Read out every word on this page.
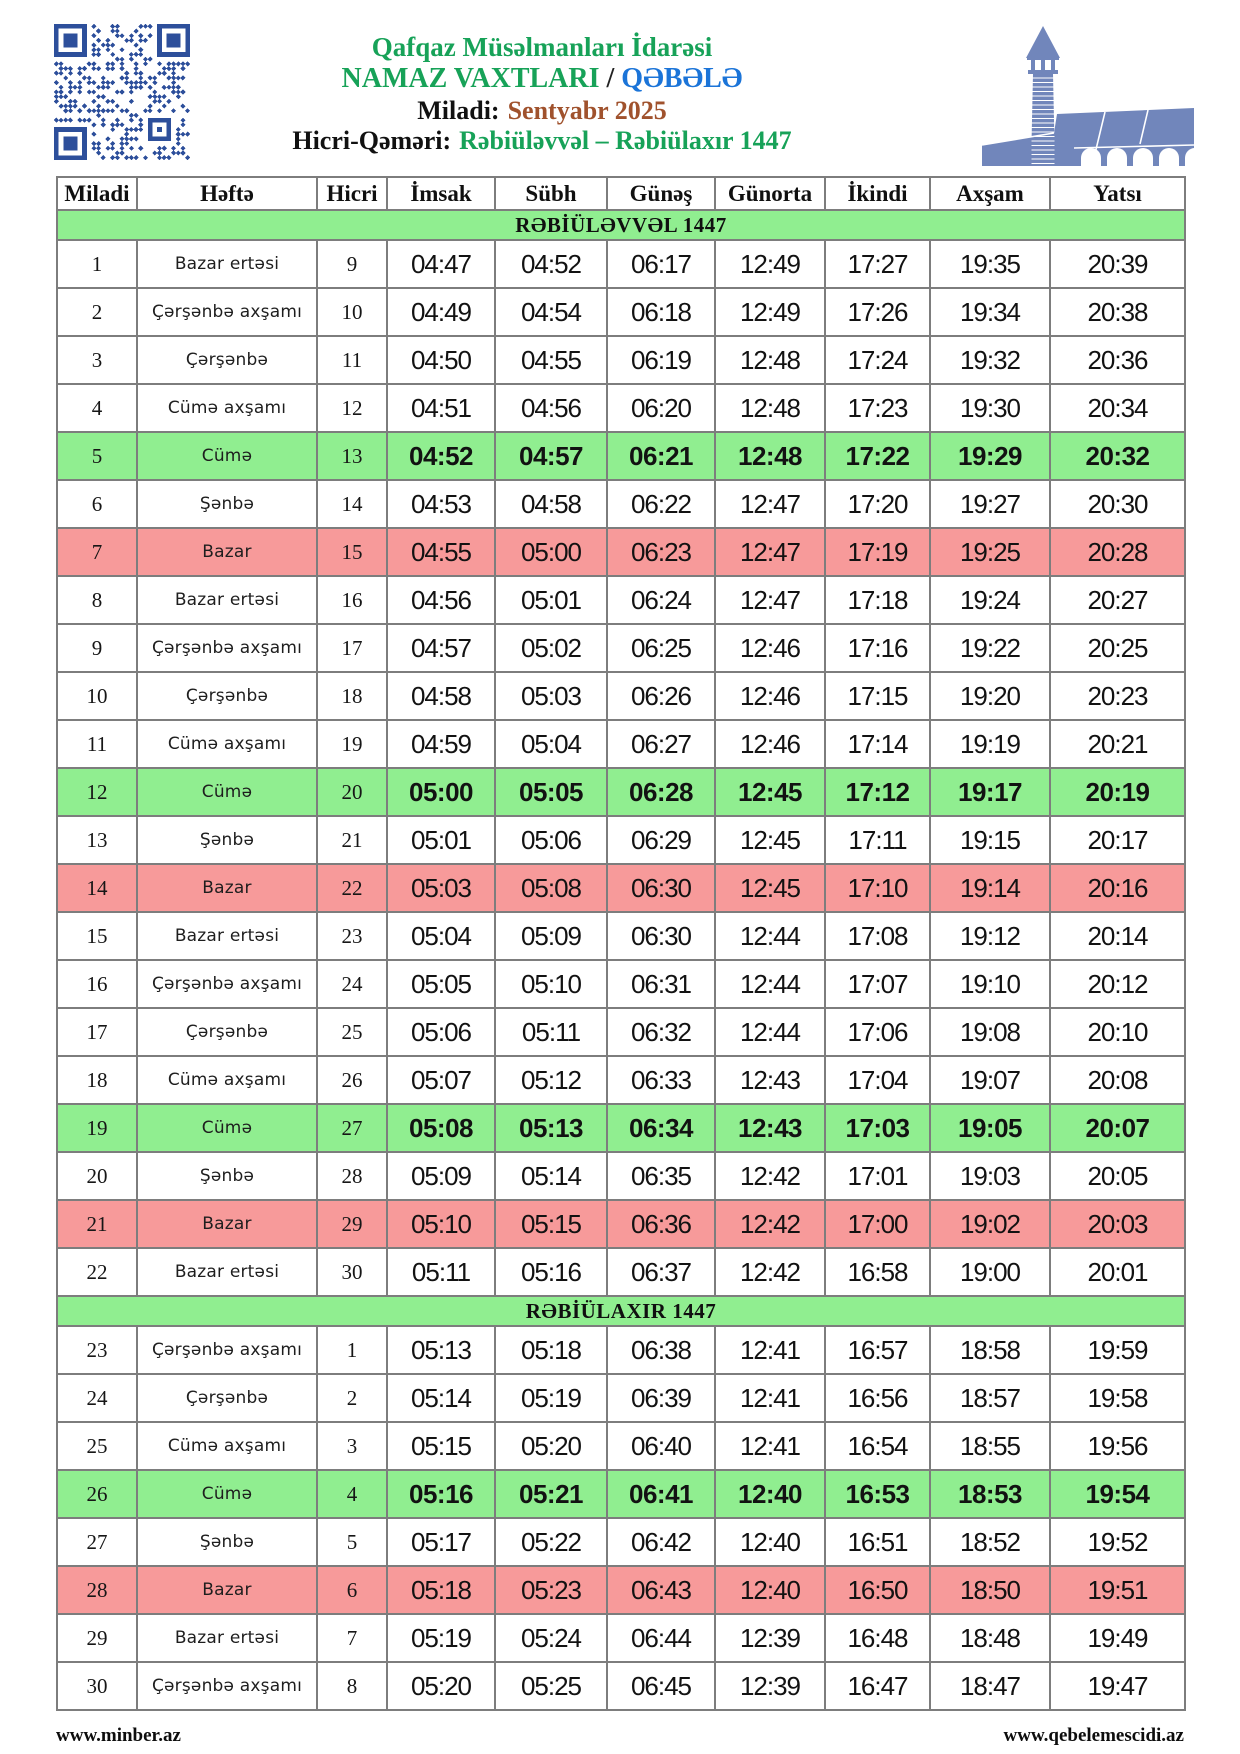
Qafqaz Müsəlmanları İdarəsi
NAMAZ VAXTLARI / QƏBƏLƏ
Miladi: Sentyabr 2025
Hicri-Qəməri: Rəbiüləvvəl – Rəbiülaxır 1447
Miladi	Həftə	Hicri	İmsak	Sübh	Günəş	Günorta	İkindi	Axşam	Yatsı
RƏBİÜLƏVVƏL 1447									
1	Bazar ertəsi	9	04:47	04:52	06:17	12:49	17:27	19:35	20:39
2	Çərşənbə axşamı	10	04:49	04:54	06:18	12:49	17:26	19:34	20:38
3	Çərşənbə	11	04:50	04:55	06:19	12:48	17:24	19:32	20:36
4	Cümə axşamı	12	04:51	04:56	06:20	12:48	17:23	19:30	20:34
5	Cümə	13	04:52	04:57	06:21	12:48	17:22	19:29	20:32
6	Şənbə	14	04:53	04:58	06:22	12:47	17:20	19:27	20:30
7	Bazar	15	04:55	05:00	06:23	12:47	17:19	19:25	20:28
8	Bazar ertəsi	16	04:56	05:01	06:24	12:47	17:18	19:24	20:27
9	Çərşənbə axşamı	17	04:57	05:02	06:25	12:46	17:16	19:22	20:25
10	Çərşənbə	18	04:58	05:03	06:26	12:46	17:15	19:20	20:23
11	Cümə axşamı	19	04:59	05:04	06:27	12:46	17:14	19:19	20:21
12	Cümə	20	05:00	05:05	06:28	12:45	17:12	19:17	20:19
13	Şənbə	21	05:01	05:06	06:29	12:45	17:11	19:15	20:17
14	Bazar	22	05:03	05:08	06:30	12:45	17:10	19:14	20:16
15	Bazar ertəsi	23	05:04	05:09	06:30	12:44	17:08	19:12	20:14
16	Çərşənbə axşamı	24	05:05	05:10	06:31	12:44	17:07	19:10	20:12
17	Çərşənbə	25	05:06	05:11	06:32	12:44	17:06	19:08	20:10
18	Cümə axşamı	26	05:07	05:12	06:33	12:43	17:04	19:07	20:08
19	Cümə	27	05:08	05:13	06:34	12:43	17:03	19:05	20:07
20	Şənbə	28	05:09	05:14	06:35	12:42	17:01	19:03	20:05
21	Bazar	29	05:10	05:15	06:36	12:42	17:00	19:02	20:03
22	Bazar ertəsi	30	05:11	05:16	06:37	12:42	16:58	19:00	20:01
RƏBİÜLAXIR 1447									
23	Çərşənbə axşamı	1	05:13	05:18	06:38	12:41	16:57	18:58	19:59
24	Çərşənbə	2	05:14	05:19	06:39	12:41	16:56	18:57	19:58
25	Cümə axşamı	3	05:15	05:20	06:40	12:41	16:54	18:55	19:56
26	Cümə	4	05:16	05:21	06:41	12:40	16:53	18:53	19:54
27	Şənbə	5	05:17	05:22	06:42	12:40	16:51	18:52	19:52
28	Bazar	6	05:18	05:23	06:43	12:40	16:50	18:50	19:51
29	Bazar ertəsi	7	05:19	05:24	06:44	12:39	16:48	18:48	19:49
30	Çərşənbə axşamı	8	05:20	05:25	06:45	12:39	16:47	18:47	19:47
www.minber.az	www.qebelemescidi.az
